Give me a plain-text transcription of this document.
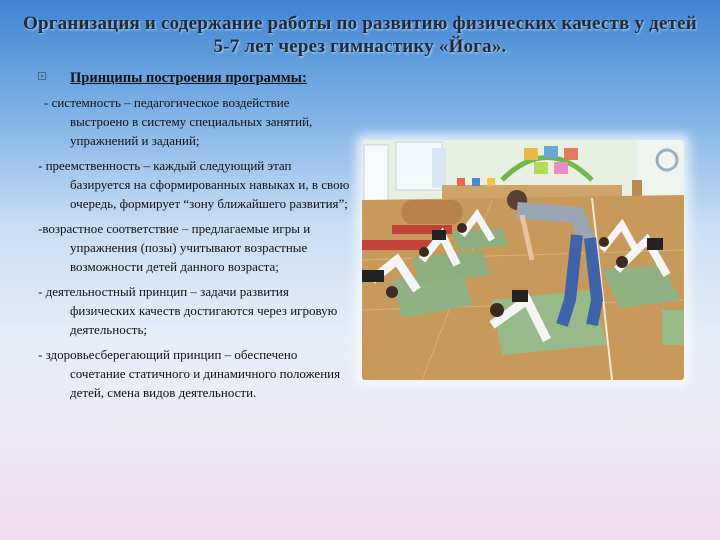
Организация и содержание работы по развитию физических качеств у детей 5-7 лет через гимнастику «Йога».
Принципы построения программы:

- системность – педагогическое воздействие выстроено в систему специальных занятий, упражнений и заданий;

- преемственность – каждый следующий этап базируется на сформированных навыках и, в свою очередь, формирует “зону ближайшего развития”;

-возрастное соответствие – предлагаемые игры и упражнения (позы) учитывают возрастные возможности детей данного возраста;

- деятельностный принцип – задачи развития физических качеств достигаются через игровую деятельность;

- здоровьесберегающий принцип – обеспечено сочетание статичного и динамичного положения детей, смена видов деятельности.
